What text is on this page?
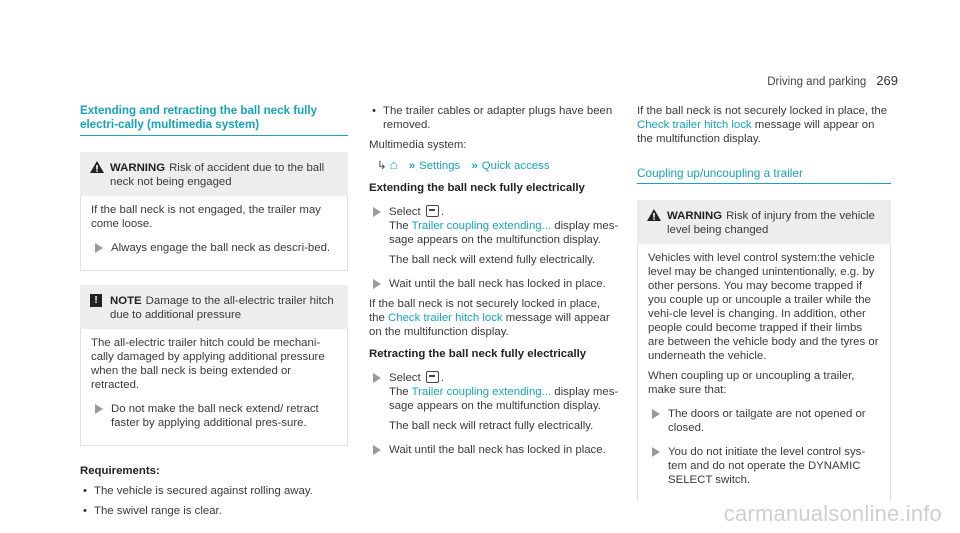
Driving and parking 269
Extending and retracting the ball neck fully electri-cally (multimedia system)
WARNING Risk of accident due to the ball neck not being engaged

If the ball neck is not engaged, the trailer may come loose.

Always engage the ball neck as descri-bed.
!	NOTE Damage to the all-electric trailer hitch due to additional pressure

The all-electric trailer hitch could be mechani-cally damaged by applying additional pressure when the ball neck is being extended or retracted.

Do not make the ball neck extend/ retract faster by applying additional pres-sure.
Requirements:
• The vehicle is secured against rolling away.
• The swivel range is clear.
• The trailer cables or adapter plugs have been removed.

Multimedia system:

↳ ⌂ » Settings » Quick access

Extending the ball neck fully electrically
Select .
The Trailer coupling extending... display mes-sage appears on the multifunction display.

The ball neck will extend fully electrically.

Wait until the ball neck has locked in place.

If the ball neck is not securely locked in place, the Check trailer hitch lock message will appear on the multifunction display.

Retracting the ball neck fully electrically
Select .
The Trailer coupling extending... display mes-sage appears on the multifunction display.

The ball neck will retract fully electrically.

Wait until the ball neck has locked in place.

If the ball neck is not securely locked in place, the Check trailer hitch lock message will appear on the multifunction display.

Coupling up/uncoupling a trailer
WARNING Risk of injury from the vehicle level being changed

Vehicles with level control system:the vehicle level may be changed unintentionally, e.g. by other persons. You may become trapped if you couple up or uncouple a trailer while the vehi-cle level is changing. In addition, other people could become trapped if their limbs are between the vehicle body and the tyres or underneath the vehicle.

When coupling up or uncoupling a trailer, make sure that:

The doors or tailgate are not opened or closed.
You do not initiate the level control sys-tem and do not operate the DYNAMIC SELECT switch.
carmanualsonline.info
